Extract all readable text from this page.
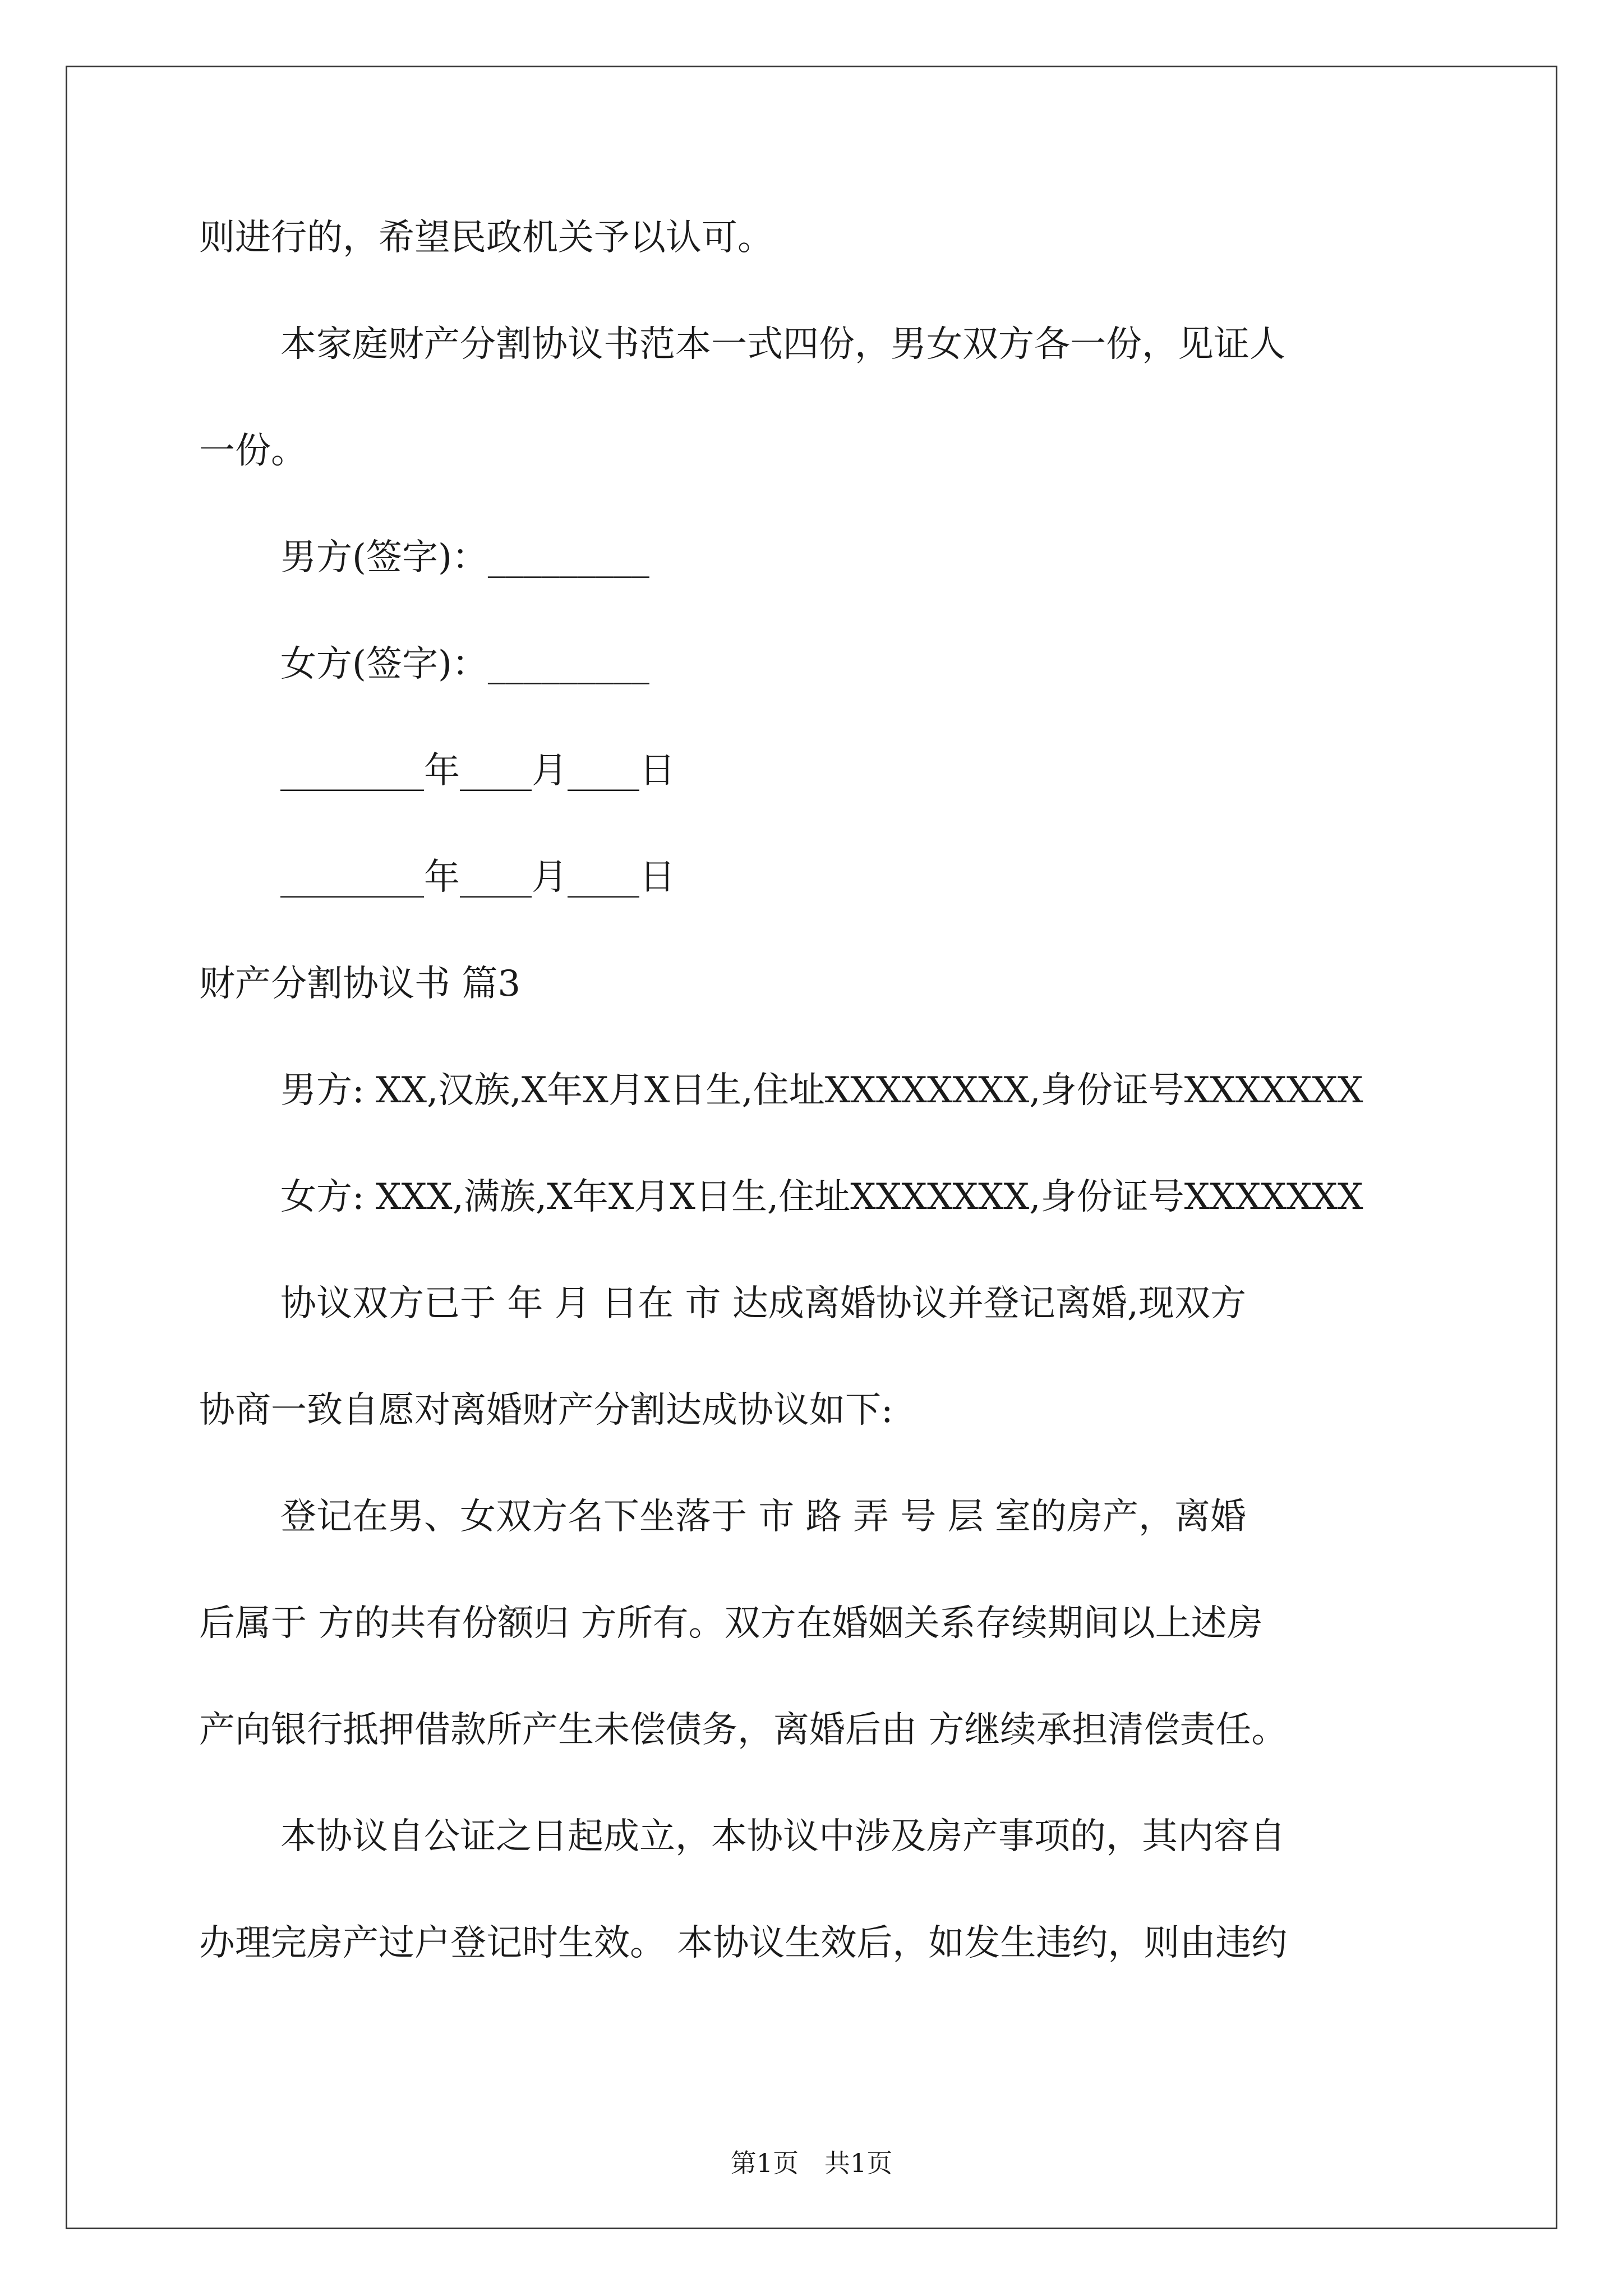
则进行的，希望民政机关予以认可。
本家庭财产分割协议书范本一式四份，男女双方各一份，见证人
一份。
男方(签字)：_________
女方(签字)：_________
________年____月____日
________年____月____日
财产分割协议书 篇3
男方: XX,汉族,X年X月X日生,住址XXXXXXXX,身份证号XXXXXXX
女方: XXX,满族,X年X月X日生,住址XXXXXXX,身份证号XXXXXXX
协议双方已于 年 月 日在 市 达成离婚协议并登记离婚,现双方
协商一致自愿对离婚财产分割达成协议如下:
登记在男、女双方名下坐落于 市 路 弄 号 层 室的房产，离婚
后属于 方的共有份额归 方所有。双方在婚姻关系存续期间以上述房
产向银行抵押借款所产生未偿债务，离婚后由 方继续承担清偿责任。
本协议自公证之日起成立，本协议中涉及房产事项的，其内容自
办理完房产过户登记时生效。 本协议生效后，如发生违约，则由违约
第1页　共1页
